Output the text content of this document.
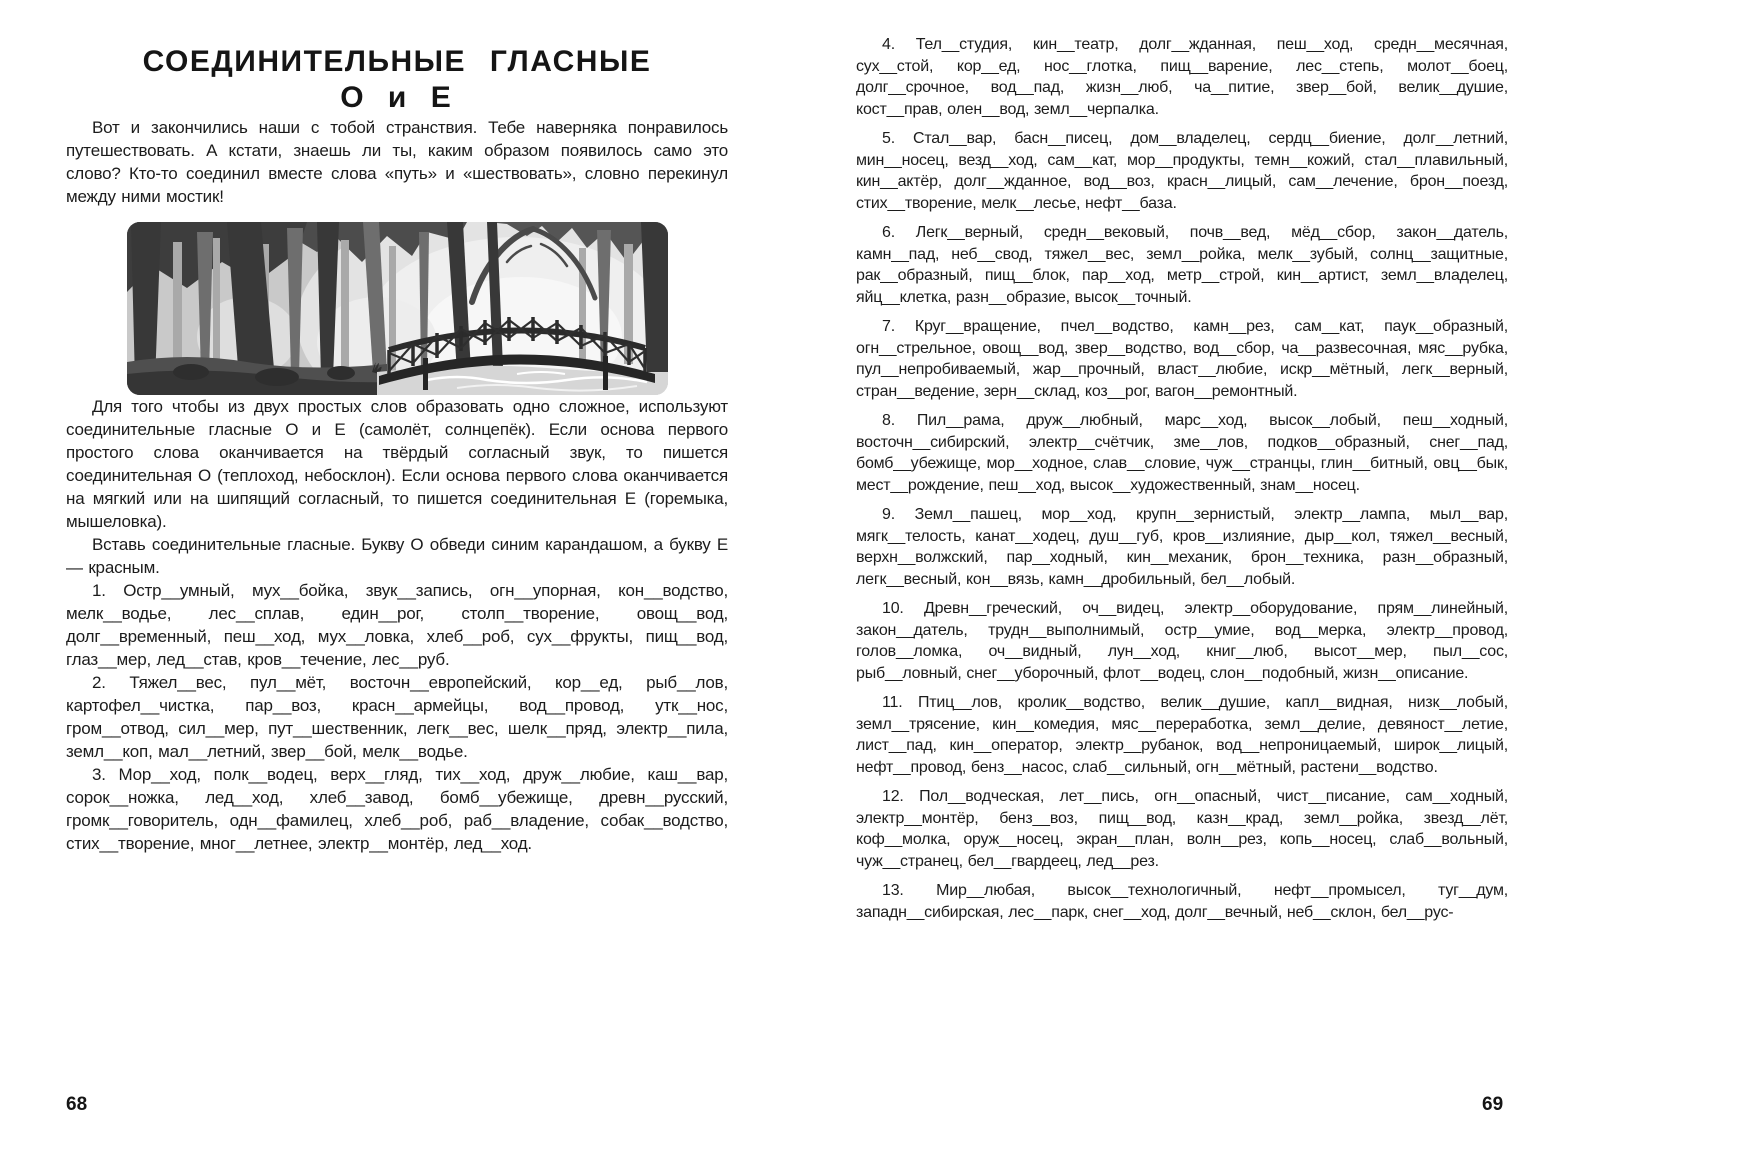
СОЕДИНИТЕЛЬНЫЕ ГЛАСНЫЕ
О и Е

Вот и закончились наши с тобой странствия. Тебе наверняка понравилось путешествовать. А кстати, знаешь ли ты, каким образом появилось само это слово? Кто-то соединил вместе слова «путь» и «шествовать», словно перекинул между ними мостик!

Для того чтобы из двух простых слов образовать одно сложное, используют соединительные гласные О и Е (самолёт, солнцепёк). Если основа первого простого слова оканчивается на твёрдый согласный звук, то пишется соединительная О (теплоход, небосклон). Если основа первого слова оканчивается на мягкий или на шипящий согласный, то пишется соединительная Е (горемыка, мышеловка).

Вставь соединительные гласные. Букву О обведи синим карандашом, а букву Е — красным.

1. Остр__умный, мух__бойка, звук__запись, огн__упорная, кон__водство, мелк__водье, лес__сплав, един__рог, столп__творение, овощ__вод, долг__временный, пеш__ход, мух__ловка, хлеб__роб, сух__фрукты, пищ__вод, глаз__мер, лед__став, кров__течение, лес__руб.

2. Тяжел__вес, пул__мёт, восточн__европейский, кор__ед, рыб__лов, картофел__чистка, пар__воз, красн__армейцы, вод__провод, утк__нос, гром__отвод, сил__мер, пут__шественник, легк__вес, шелк__пряд, электр__пила, земл__коп, мал__летний, звер__бой, мелк__водье.

3. Мор__ход, полк__водец, верх__гляд, тих__ход, друж__любие, каш__вар, сорок__ножка, лед__ход, хлеб__завод, бомб__убежище, древн__русский, громк__говоритель, одн__фамилец, хлеб__роб, раб__владение, собак__водство, стих__творение, мног__летнее, электр__монтёр, лед__ход.

4. Тел__студия, кин__театр, долг__жданная, пеш__ход, средн__месячная, сух__стой, кор__ед, нос__глотка, пищ__варение, лес__степь, молот__боец, долг__срочное, вод__пад, жизн__люб, ча__питие, звер__бой, велик__душие, кост__прав, олен__вод, земл__черпалка.

5. Стал__вар, басн__писец, дом__владелец, сердц__биение, долг__летний, мин__носец, везд__ход, сам__кат, мор__продукты, темн__кожий, стал__плавильный, кин__актёр, долг__жданное, вод__воз, красн__лицый, сам__лечение, брон__поезд, стих__творение, мелк__лесье, нефт__база.

6. Легк__верный, средн__вековый, почв__вед, мёд__сбор, закон__датель, камн__пад, неб__свод, тяжел__вес, земл__ройка, мелк__зубый, солнц__защитные, рак__образный, пищ__блок, пар__ход, метр__строй, кин__артист, земл__владелец, яйц__клетка, разн__образие, высок__точный.

7. Круг__вращение, пчел__водство, камн__рез, сам__кат, паук__образный, огн__стрельное, овощ__вод, звер__водство, вод__сбор, ча__развесочная, мяс__рубка, пул__непробиваемый, жар__прочный, власт__любие, искр__мётный, легк__верный, стран__ведение, зерн__склад, коз__рог, вагон__ремонтный.

8. Пил__рама, друж__любный, марс__ход, высок__лобый, пеш__ходный, восточн__сибирский, электр__счётчик, зме__лов, подков__образный, снег__пад, бомб__убежище, мор__ходное, слав__словие, чуж__странцы, глин__битный, овц__бык, мест__рождение, пеш__ход, высок__художественный, знам__носец.

9. Земл__пашец, мор__ход, крупн__зернистый, электр__лампа, мыл__вар, мягк__телость, канат__ходец, душ__губ, кров__излияние, дыр__кол, тяжел__весный, верхн__волжский, пар__ходный, кин__механик, брон__техника, разн__образный, легк__весный, кон__вязь, камн__дробильный, бел__лобый.

10. Древн__греческий, оч__видец, электр__оборудование, прям__линейный, закон__датель, трудн__выполнимый, остр__умие, вод__мерка, электр__провод, голов__ломка, оч__видный, лун__ход, книг__люб, высот__мер, пыл__сос, рыб__ловный, снег__уборочный, флот__водец, слон__подобный, жизн__описание.

11. Птиц__лов, кролик__водство, велик__душие, капл__видная, низк__лобый, земл__трясение, кин__комедия, мяс__переработка, земл__делие, девяност__летие, лист__пад, кин__оператор, электр__рубанок, вод__непроницаемый, широк__лицый, нефт__провод, бенз__насос, слаб__сильный, огн__мётный, растени__водство.

12. Пол__водческая, лет__пись, огн__опасный, чист__писание, сам__ходный, электр__монтёр, бенз__воз, пищ__вод, казн__крад, земл__ройка, звезд__лёт, коф__молка, оруж__носец, экран__план, волн__рез, копь__носец, слаб__вольный, чуж__странец, бел__гвардеец, лед__рез.

13. Мир__любая, высок__технологичный, нефт__промысел, туг__дум, западн__сибирская, лес__парк, снег__ход, долг__вечный, неб__склон, бел__рус-

68	69
